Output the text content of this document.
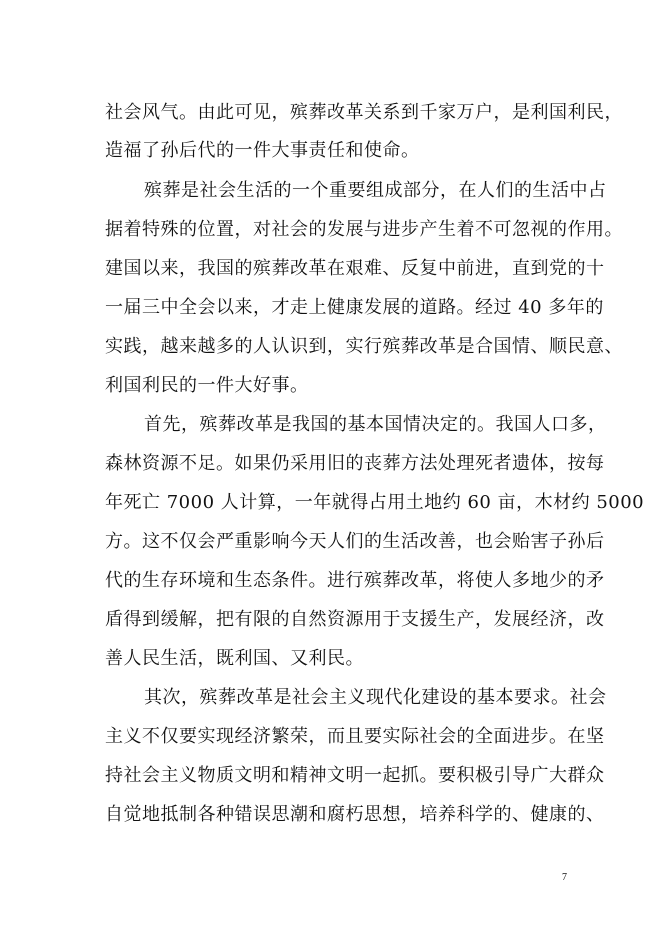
社会风气。由此可见，殡葬改革关系到千家万户，是利国利民，
造福了孙后代的一件大事责任和使命。
殡葬是社会生活的一个重要组成部分，在人们的生活中占
据着特殊的位置，对社会的发展与进步产生着不可忽视的作用。
建国以来，我国的殡葬改革在艰难、反复中前进，直到党的十
一届三中全会以来，才走上健康发展的道路。经过 40 多年的
实践，越来越多的人认识到，实行殡葬改革是合国情、顺民意、
利国利民的一件大好事。
首先，殡葬改革是我国的基本国情决定的。我国人口多，
森林资源不足。如果仍采用旧的丧葬方法处理死者遗体，按每
年死亡 7000 人计算，一年就得占用土地约 60 亩，木材约 5000
方。这不仅会严重影响今天人们的生活改善，也会贻害子孙后
代的生存环境和生态条件。进行殡葬改革，将使人多地少的矛
盾得到缓解，把有限的自然资源用于支援生产，发展经济，改
善人民生活，既利国、又利民。
其次，殡葬改革是社会主义现代化建设的基本要求。社会
主义不仅要实现经济繁荣，而且要实际社会的全面进步。在坚
持社会主义物质文明和精神文明一起抓。要积极引导广大群众
自觉地抵制各种错误思潮和腐朽思想，培养科学的、健康的、
7
